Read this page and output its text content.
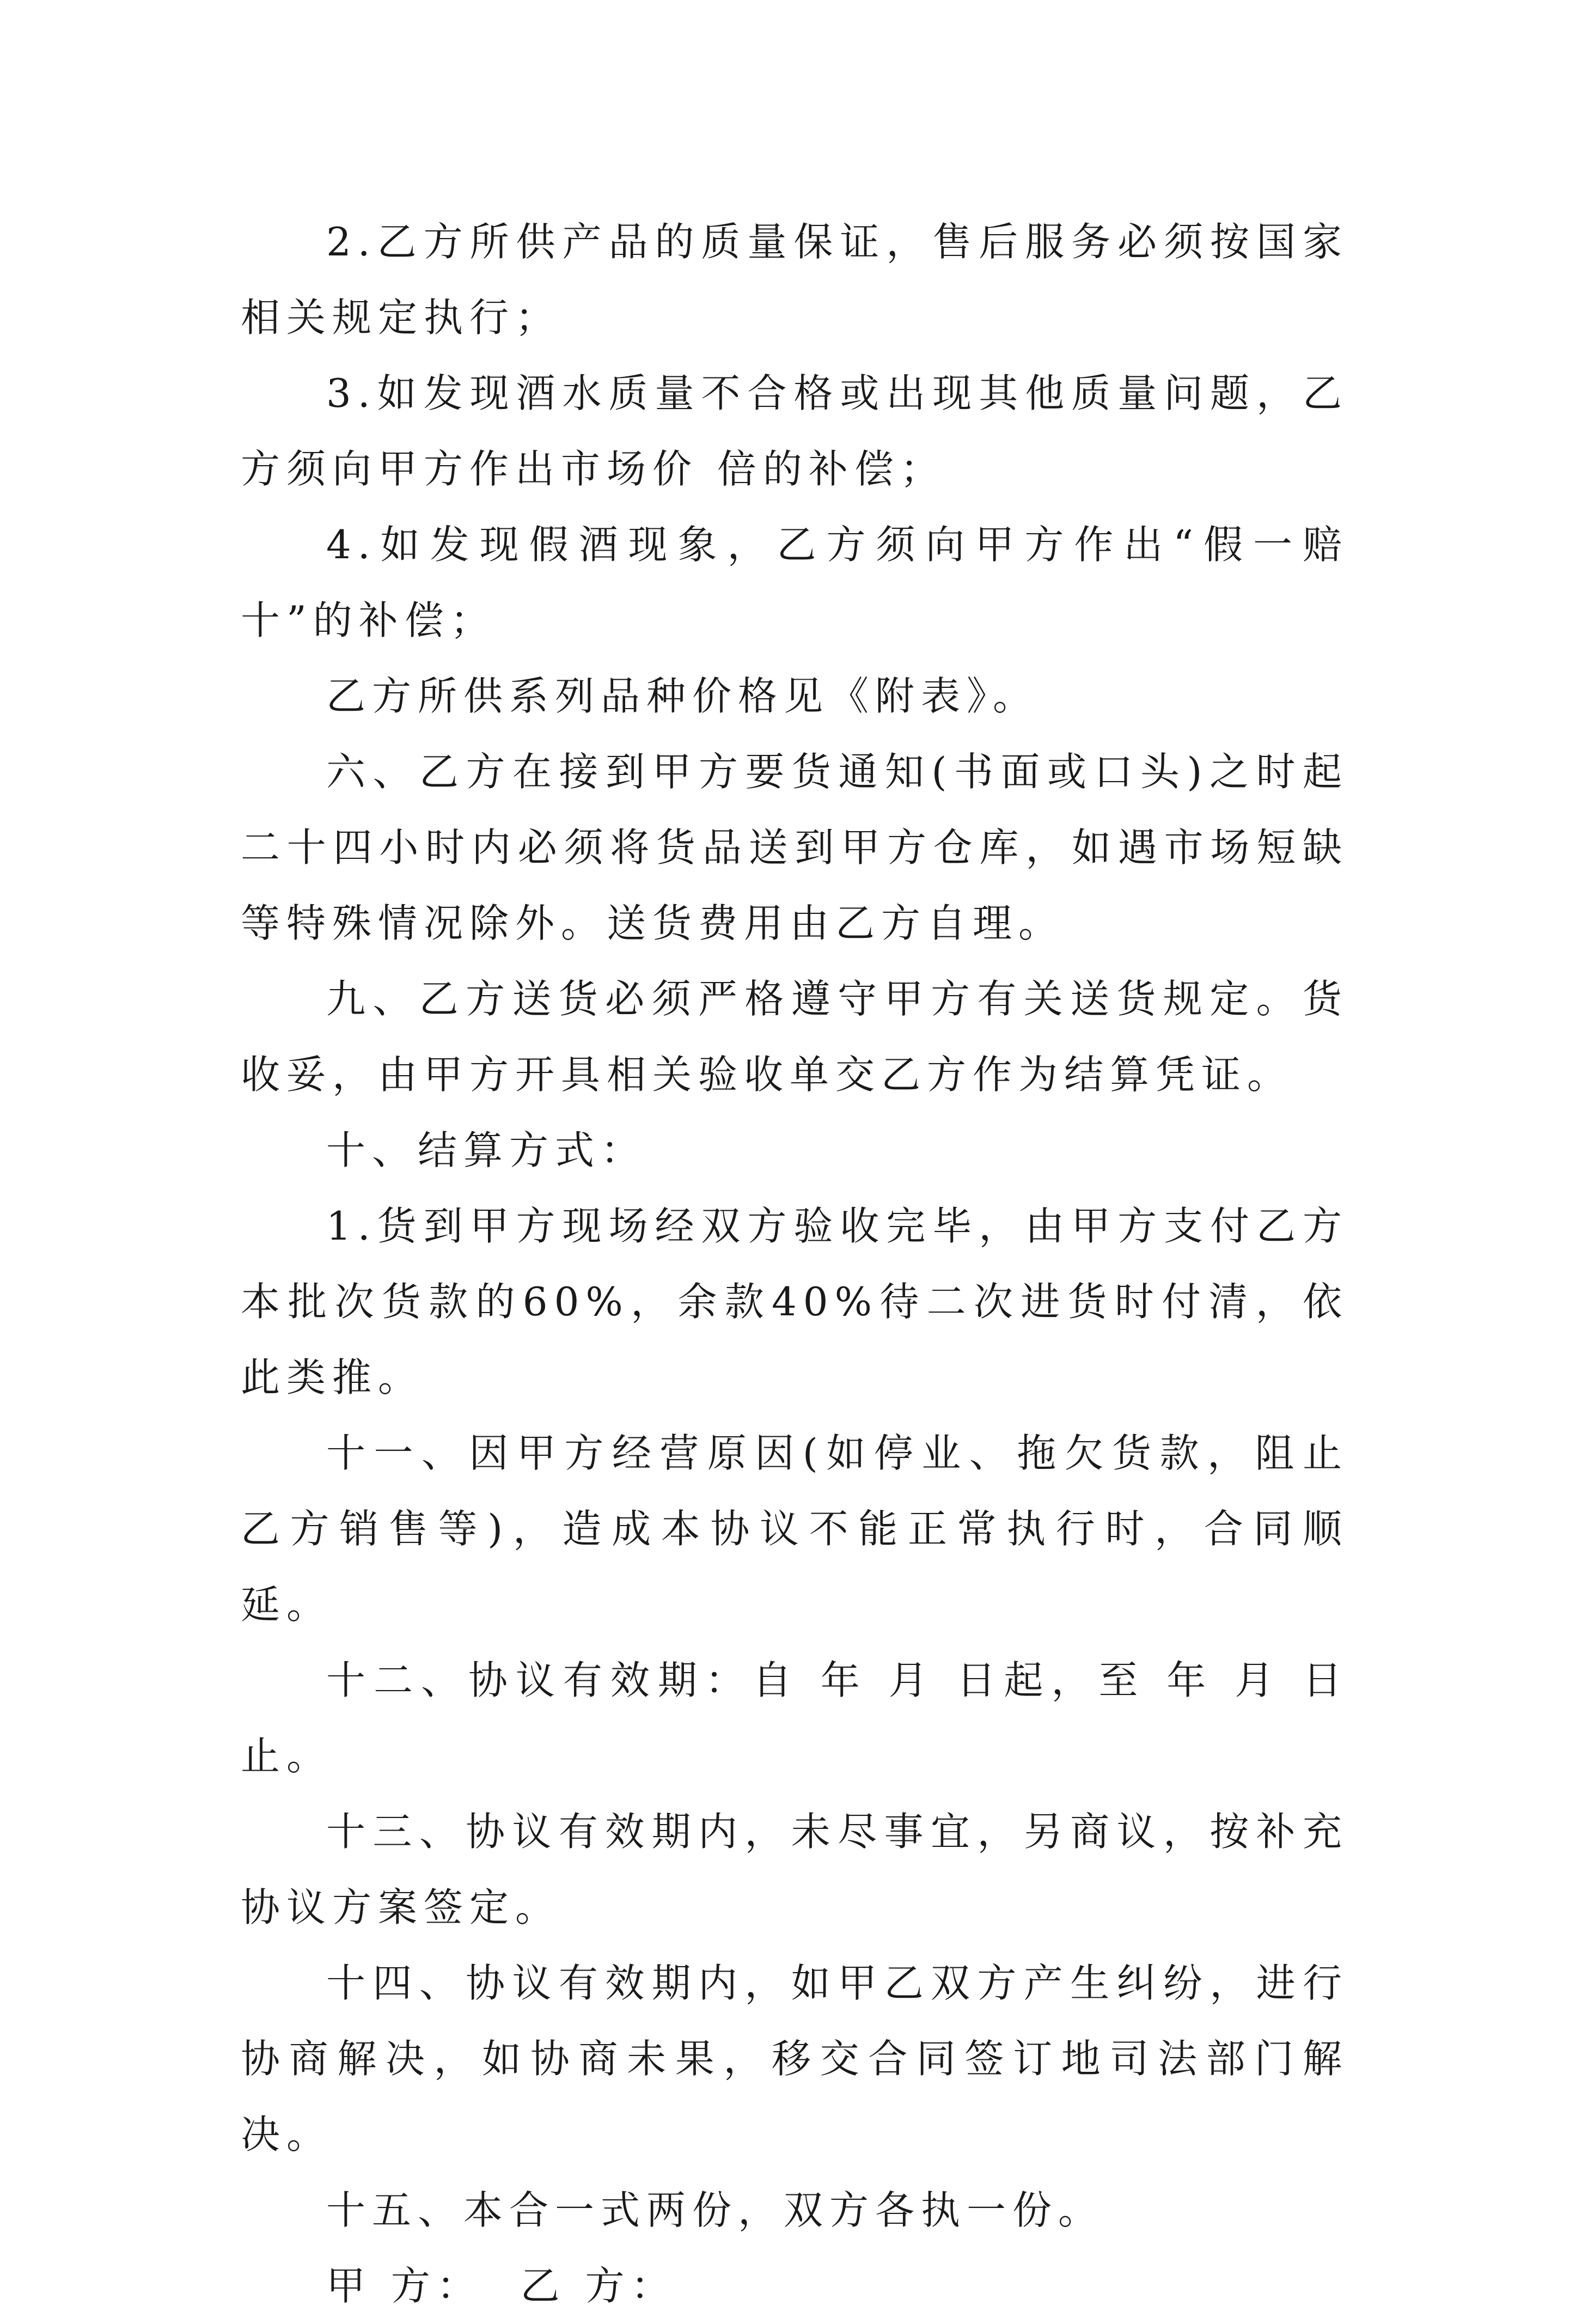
2.乙方所供产品的质量保证，售后服务必须按国家相关规定执行；

3.如发现酒水质量不合格或出现其他质量问题，乙方须向甲方作出市场价 倍的补偿；

4.如发现假酒现象，乙方须向甲方作出“假一赔十”的补偿；

乙方所供系列品种价格见《附表》。

六、乙方在接到甲方要货通知(书面或口头)之时起二十四小时内必须将货品送到甲方仓库，如遇市场短缺等特殊情况除外。送货费用由乙方自理。

九、乙方送货必须严格遵守甲方有关送货规定。货收妥，由甲方开具相关验收单交乙方作为结算凭证。

十、结算方式：

1.货到甲方现场经双方验收完毕，由甲方支付乙方本批次货款的60%，余款40%待二次进货时付清，依此类推。

十一、因甲方经营原因(如停业、拖欠货款，阻止乙方销售等)，造成本协议不能正常执行时，合同顺延。

十二、协议有效期：自 年 月 日起，至 年 月 日止。

十三、协议有效期内，未尽事宜，另商议，按补充协议方案签定。

十四、协议有效期内，如甲乙双方产生纠纷，进行协商解决，如协商未果，移交合同签订地司法部门解决。

十五、本合一式两份，双方各执一份。

甲 方：  乙 方：
